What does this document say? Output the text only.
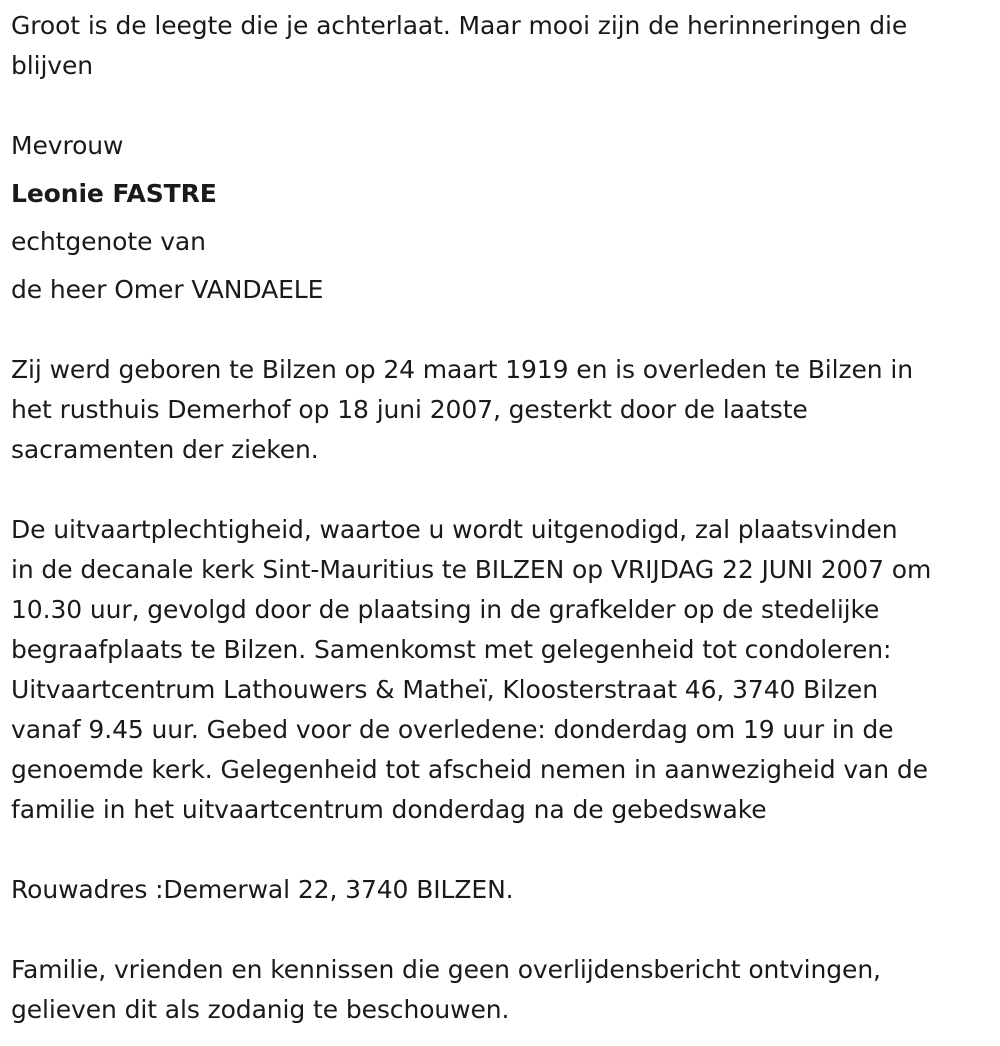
Groot is de leegte die je achterlaat. Maar mooi zijn de herinneringen die

blijven

Mevrouw

Leonie FASTRE

echtgenote van

de heer Omer VANDAELE

Zij werd geboren te Bilzen op 24 maart 1919 en is overleden te Bilzen in

het rusthuis Demerhof op 18 juni 2007, gesterkt door de laatste

sacramenten der zieken.

De uitvaartplechtigheid, waartoe u wordt uitgenodigd, zal plaatsvinden

in de decanale kerk Sint-Mauritius te BILZEN op VRIJDAG 22 JUNI 2007 om

10.30 uur, gevolgd door de plaatsing in de grafkelder op de stedelijke

begraafplaats te Bilzen. Samenkomst met gelegenheid tot condoleren:

Uitvaartcentrum Lathouwers & Matheï, Kloosterstraat 46, 3740 Bilzen

vanaf 9.45 uur. Gebed voor de overledene: donderdag om 19 uur in de

genoemde kerk. Gelegenheid tot afscheid nemen in aanwezigheid van de

familie in het uitvaartcentrum donderdag na de gebedswake

Rouwadres :Demerwal 22, 3740 BILZEN.

Familie, vrienden en kennissen die geen overlijdensbericht ontvingen,

gelieven dit als zodanig te beschouwen.
